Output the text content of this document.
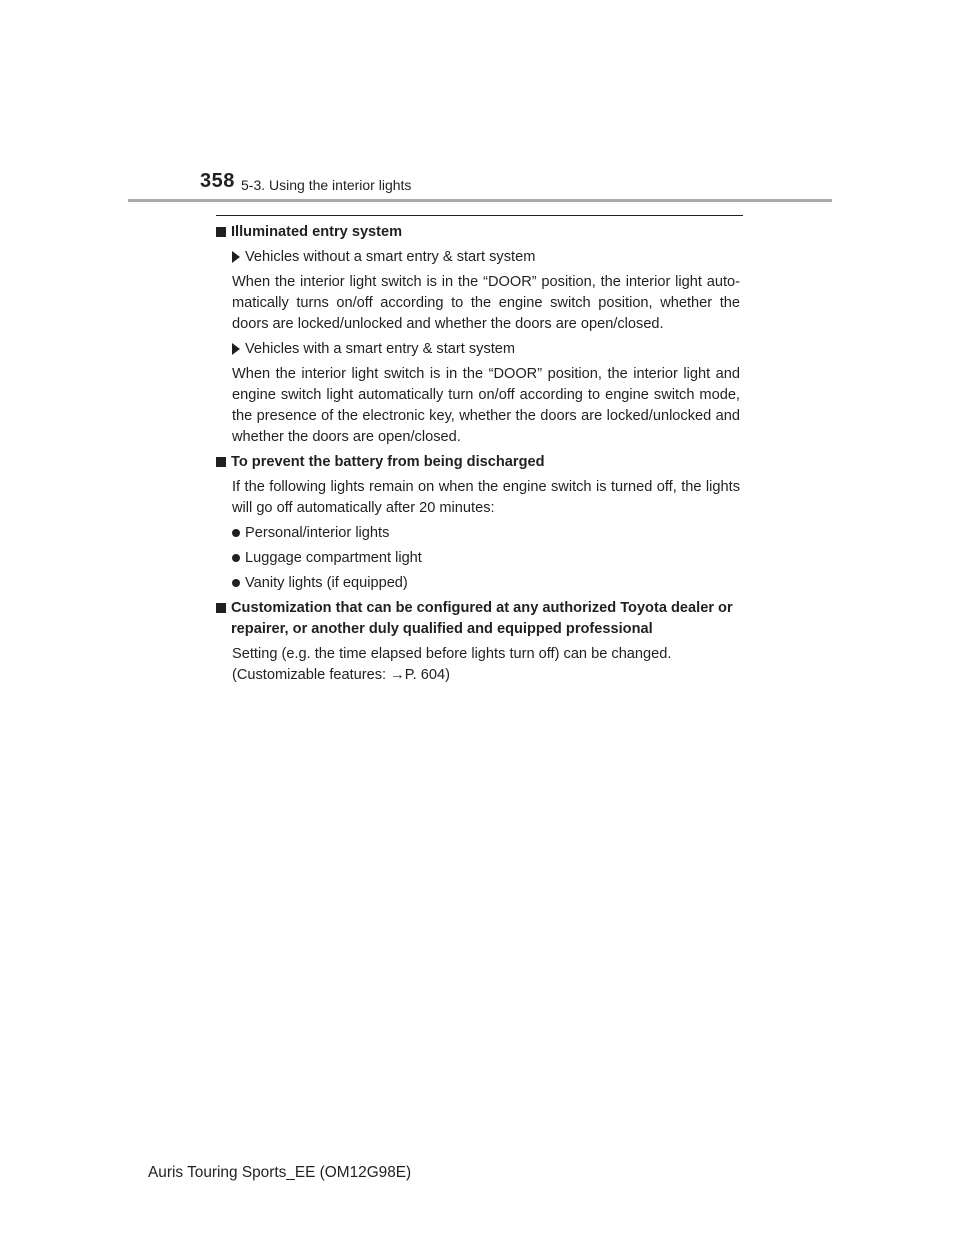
358 5-3. Using the interior lights
Illuminated entry system
Vehicles without a smart entry & start system

When the interior light switch is in the “DOOR” position, the interior light auto-matically turns on/off according to the engine switch position, whether the doors are locked/unlocked and whether the doors are open/closed.

Vehicles with a smart entry & start system

When the interior light switch is in the “DOOR” position, the interior light and engine switch light automatically turn on/off according to engine switch mode, the presence of the electronic key, whether the doors are locked/unlocked and whether the doors are open/closed.

To prevent the battery from being discharged

If the following lights remain on when the engine switch is turned off, the lights will go off automatically after 20 minutes:

Personal/interior lights
Luggage compartment light
Vanity lights (if equipped)
Customization that can be configured at any authorized Toyota dealer or repairer, or another duly qualified and equipped professional
Setting (e.g. the time elapsed before lights turn off) can be changed.
(Customizable features: →P. 604)
Auris Touring Sports_EE (OM12G98E)
